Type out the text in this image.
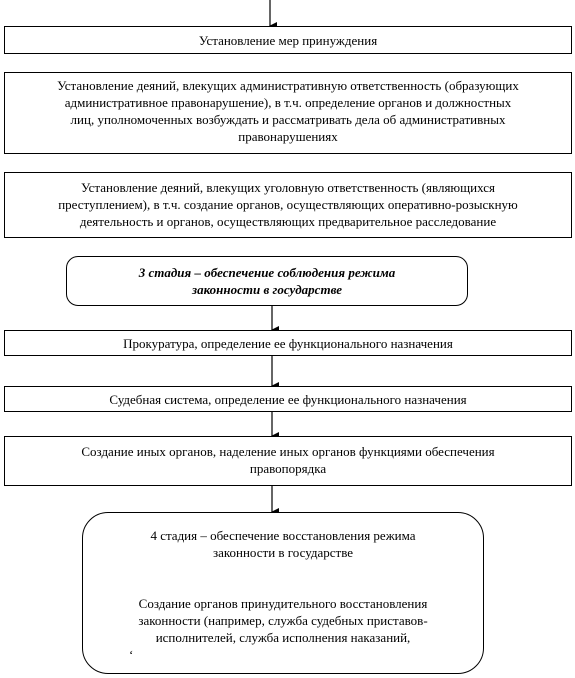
Установление мер принуждения
Установление деяний, влекущих административную ответственность (образующих
административное правонарушение), в т.ч. определение органов и должностных
лиц, уполномоченных возбуждать и рассматривать дела об административных
правонарушениях
Установление деяний, влекущих уголовную ответственность (являющихся
преступлением), в т.ч. создание органов, осуществляющих оперативно-розыскную
деятельность и органов, осуществляющих предварительное расследование
3 стадия – обеспечение соблюдения режима
законности в государстве
Прокуратура, определение ее функционального назначения
Судебная система, определение ее функционального назначения
Создание иных органов, наделение иных органов функциями обеспечения
правопорядка
4 стадия – обеспечение восстановления режима
законности в государстве
Создание органов принудительного восстановления
законности (например, служба судебных приставов-
исполнителей, служба исполнения наказаний,
‘
